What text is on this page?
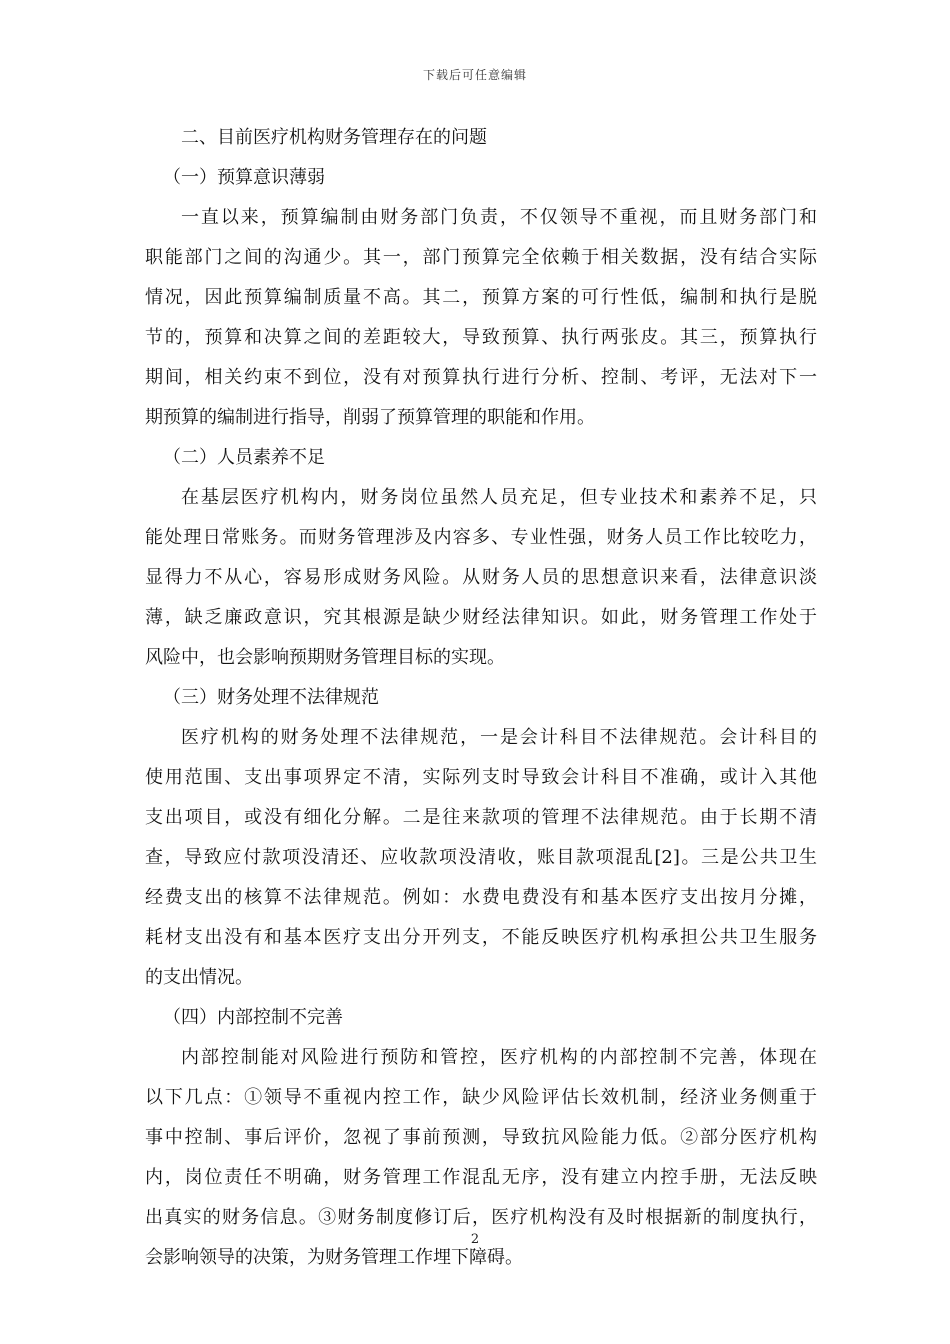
下载后可任意编辑
二、目前医疗机构财务管理存在的问题
（一）预算意识薄弱
一直以来，预算编制由财务部门负责，不仅领导不重视，而且财务部门和
职能部门之间的沟通少。其一，部门预算完全依赖于相关数据，没有结合实际
情况，因此预算编制质量不高。其二，预算方案的可行性低，编制和执行是脱
节的，预算和决算之间的差距较大，导致预算、执行两张皮。其三，预算执行
期间，相关约束不到位，没有对预算执行进行分析、控制、考评，无法对下一
期预算的编制进行指导，削弱了预算管理的职能和作用。
（二）人员素养不足
在基层医疗机构内，财务岗位虽然人员充足，但专业技术和素养不足，只
能处理日常账务。而财务管理涉及内容多、专业性强，财务人员工作比较吃力，
显得力不从心，容易形成财务风险。从财务人员的思想意识来看，法律意识淡
薄，缺乏廉政意识，究其根源是缺少财经法律知识。如此，财务管理工作处于
风险中，也会影响预期财务管理目标的实现。
（三）财务处理不法律规范
医疗机构的财务处理不法律规范，一是会计科目不法律规范。会计科目的
使用范围、支出事项界定不清，实际列支时导致会计科目不准确，或计入其他
支出项目，或没有细化分解。二是往来款项的管理不法律规范。由于长期不清
查，导致应付款项没清还、应收款项没清收，账目款项混乱[2]。三是公共卫生
经费支出的核算不法律规范。例如：水费电费没有和基本医疗支出按月分摊，
耗材支出没有和基本医疗支出分开列支，不能反映医疗机构承担公共卫生服务
的支出情况。
（四）内部控制不完善
内部控制能对风险进行预防和管控，医疗机构的内部控制不完善，体现在
以下几点：①领导不重视内控工作，缺少风险评估长效机制，经济业务侧重于
事中控制、事后评价，忽视了事前预测，导致抗风险能力低。②部分医疗机构
内，岗位责任不明确，财务管理工作混乱无序，没有建立内控手册，无法反映
出真实的财务信息。③财务制度修订后，医疗机构没有及时根据新的制度执行，
会影响领导的决策，为财务管理工作埋下障碍。
2
